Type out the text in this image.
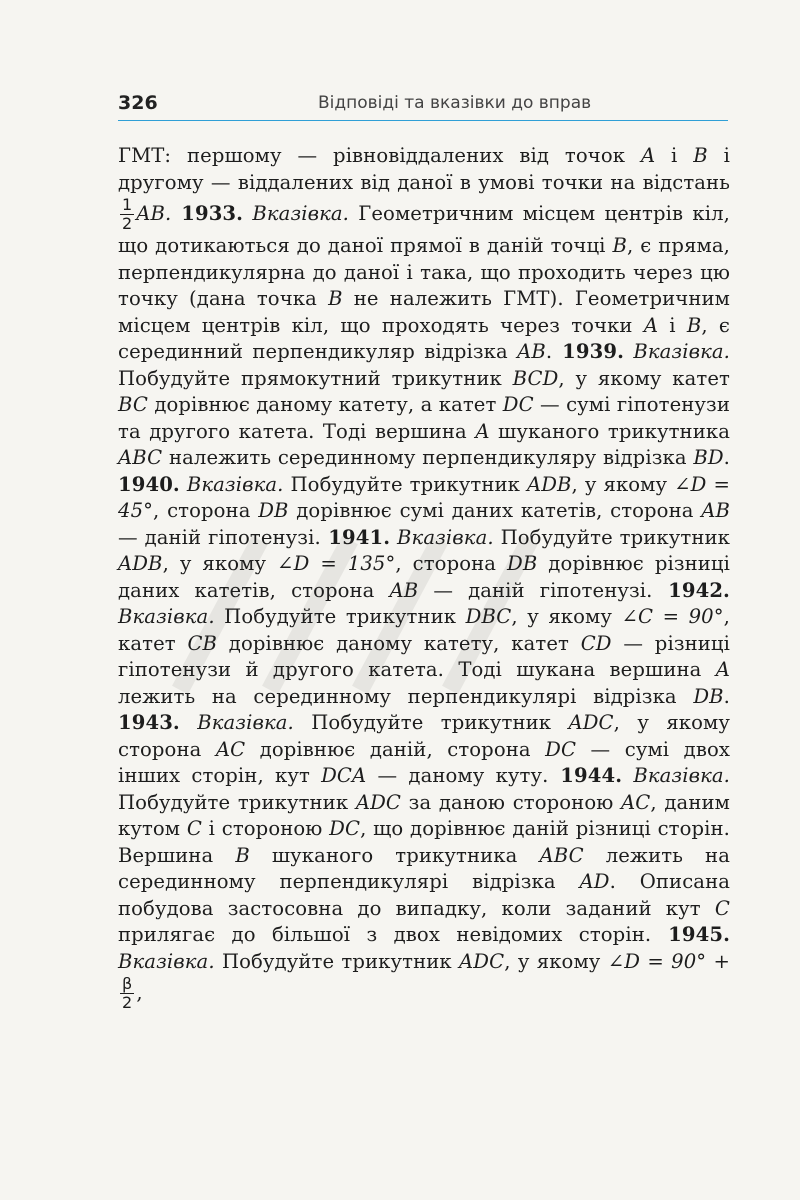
326	Відповіді та вказівки до вправ

ГМТ: першому — рівновіддалених від точок A і B і другому — віддалених від даної в умові точки на відстань
$\frac{1}{2}$ AB. 1933. Вказівка. Геометричним місцем центрів кіл, що дотикаються до даної прямої в даній точці B, є пряма, перпендикулярна до даної і така, що проходить через цю точку (дана точка B не належить ГМТ). Геометричним місцем центрів кіл, що проходять через точки A і B, є серединний перпендикуляр відрізка AB. 1939. Вказівка. Побудуйте прямокутний трикутник BCD, у якому катет BC дорівнює даному катету, а катет DC — сумі гіпотенузи та другого катета. Тоді вершина A шуканого трикутника ABC належить серединному перпендикуляру відрізка BD. 1940. Вказівка. Побудуйте трикутник ADB, у якому ∠D = 45°, сторона DB дорівнює сумі даних катетів, сторона AB — даній гіпотенузі. 1941. Вказівка. Побудуйте трикутник ADB, у якому ∠D = 135°, сторона DB дорівнює різниці даних катетів, сторона AB — даній гіпотенузі. 1942. Вказівка. Побудуйте трикутник DBC, у якому ∠C = 90°, катет CB дорівнює даному катету, катет CD — різниці гіпотенузи й другого катета. Тоді шукана вершина A лежить на серединному перпендикулярі відрізка DB. 1943. Вказівка. Побудуйте трикутник ADC, у якому сторона AC дорівнює даній, сторона DC — сумі двох інших сторін, кут DCA — даному куту. 1944. Вказівка. Побудуйте трикутник ADC за даною стороною AC, даним кутом C і стороною DC, що дорівнює даній різниці сторін. Вершина B шуканого трикутника ABC лежить на серединному перпендикулярі відрізка AD. Описана побудова застосовна до випадку, коли заданий кут C прилягає до більшої з двох невідомих сторін. 1945. Вказівка. Побудуйте трикутник ADC, у якому ∠D = 90° +
$\frac{\beta}{2}$ ,
